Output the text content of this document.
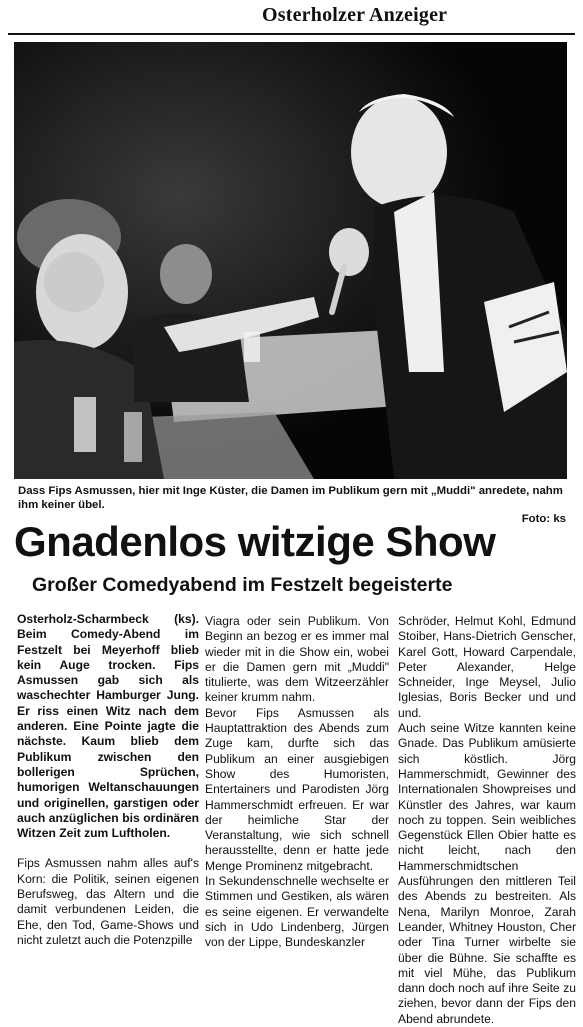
Osterholzer Anzeiger
Dass Fips Asmussen, hier mit Inge Küster, die Damen im Publikum gern mit „Muddi" anredete, nahm ihm keiner übel.
Foto: ks
Gnadenlos witzige Show
Großer Comedyabend im Festzelt begeisterte

Osterholz-Scharmbeck (ks). Beim Comedy-Abend im Festzelt bei Meyerhoff blieb kein Auge trocken. Fips Asmussen gab sich als waschechter Hamburger Jung. Er riss einen Witz nach dem anderen. Eine Pointe jagte die nächste. Kaum blieb dem Publikum zwischen den bollerigen Sprüchen, humorigen Weltanschauungen und originellen, garstigen oder auch anzüglichen bis ordinären Witzen Zeit zum Luftholen.

Fips Asmussen nahm alles auf's Korn: die Politik, seinen eigenen Berufsweg, das Altern und die damit verbundenen Leiden, die Ehe, den Tod, Game-Shows und nicht zuletzt auch die Potenzpille

Viagra oder sein Publikum. Von Beginn an bezog er es immer mal wieder mit in die Show ein, wobei er die Damen gern mit „Muddi" titulierte, was dem Witzeerzähler keiner krumm nahm.

Bevor Fips Asmussen als Hauptattraktion des Abends zum Zuge kam, durfte sich das Publikum an einer ausgiebigen Show des Humoristen, Entertainers und Parodisten Jörg Hammerschmidt erfreuen. Er war der heimliche Star der Veranstaltung, wie sich schnell herausstellte, denn er hatte jede Menge Prominenz mitgebracht.

In Sekundenschnelle wechselte er Stimmen und Gestiken, als wären es seine eigenen. Er verwandelte sich in Udo Lindenberg, Jürgen von der Lippe, Bundeskanzler

Schröder, Helmut Kohl, Edmund Stoiber, Hans-Dietrich Genscher, Karel Gott, Howard Carpendale, Peter Alexander, Helge Schneider, Inge Meysel, Julio Iglesias, Boris Becker und und und.

Auch seine Witze kannten keine Gnade. Das Publikum amüsierte sich köstlich. Jörg Hammerschmidt, Gewinner des Internationalen Showpreises und Künstler des Jahres, war kaum noch zu toppen. Sein weibliches Gegenstück Ellen Obier hatte es nicht leicht, nach den Hammerschmidtschen Ausführungen den mittleren Teil des Abends zu bestreiten. Als Nena, Marilyn Monroe, Zarah Leander, Whitney Houston, Cher oder Tina Turner wirbelte sie über die Bühne. Sie schaffte es mit viel Mühe, das Publikum dann doch noch auf ihre Seite zu ziehen, bevor dann der Fips den Abend abrundete.
